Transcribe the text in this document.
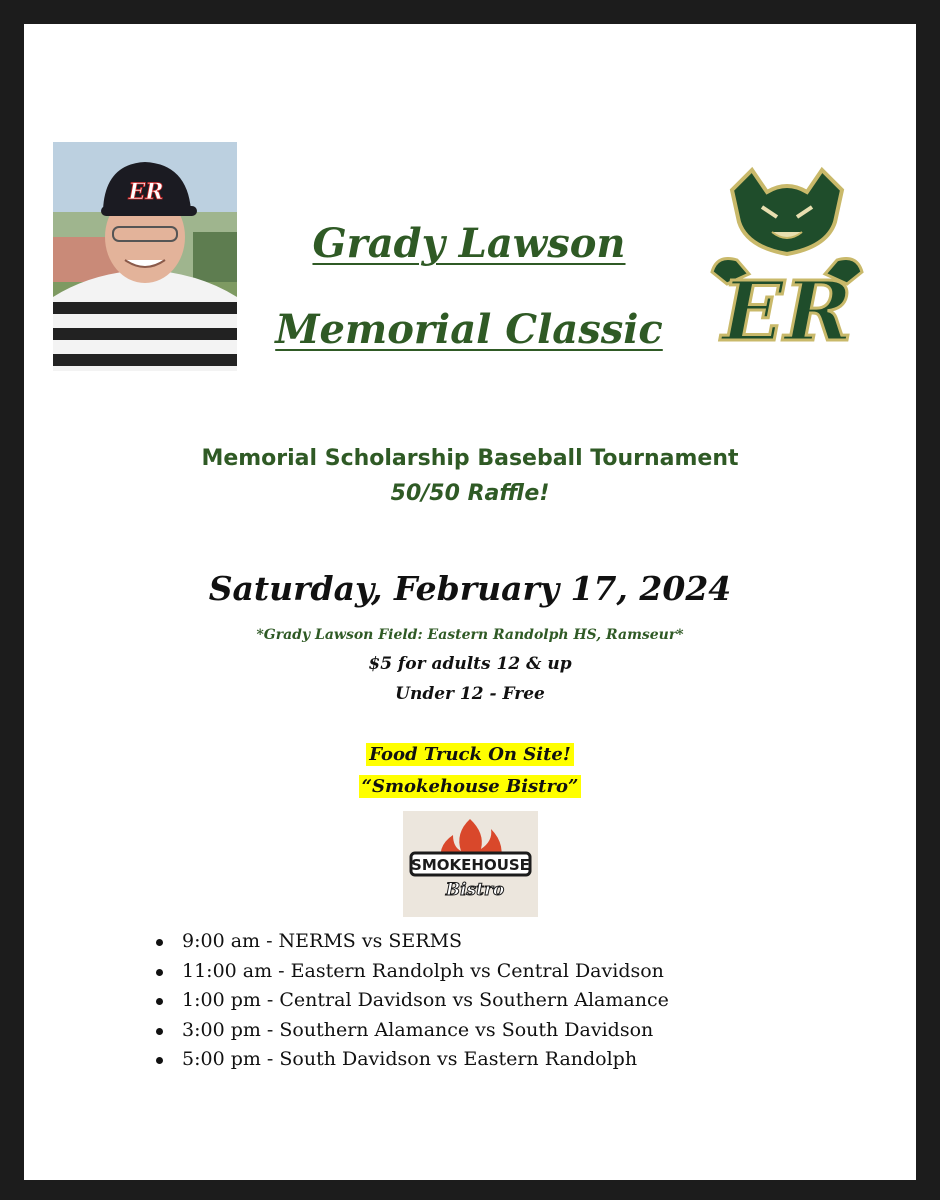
ER
Grady Lawson
Memorial Classic ER
Memorial Scholarship Baseball Tournament
50/50 Raffle!
Saturday, February 17, 2024
*Grady Lawson Field: Eastern Randolph HS, Ramseur*
$5 for adults 12 & up
Under 12 - Free
Food Truck On Site!
“Smokehouse Bistro”
SMOKEHOUSE
Bistro
9:00 am - NERMS vs SERMS
11:00 am - Eastern Randolph vs Central Davidson
1:00 pm - Central Davidson vs Southern Alamance
3:00 pm - Southern Alamance vs South Davidson
5:00 pm - South Davidson vs Eastern Randolph
